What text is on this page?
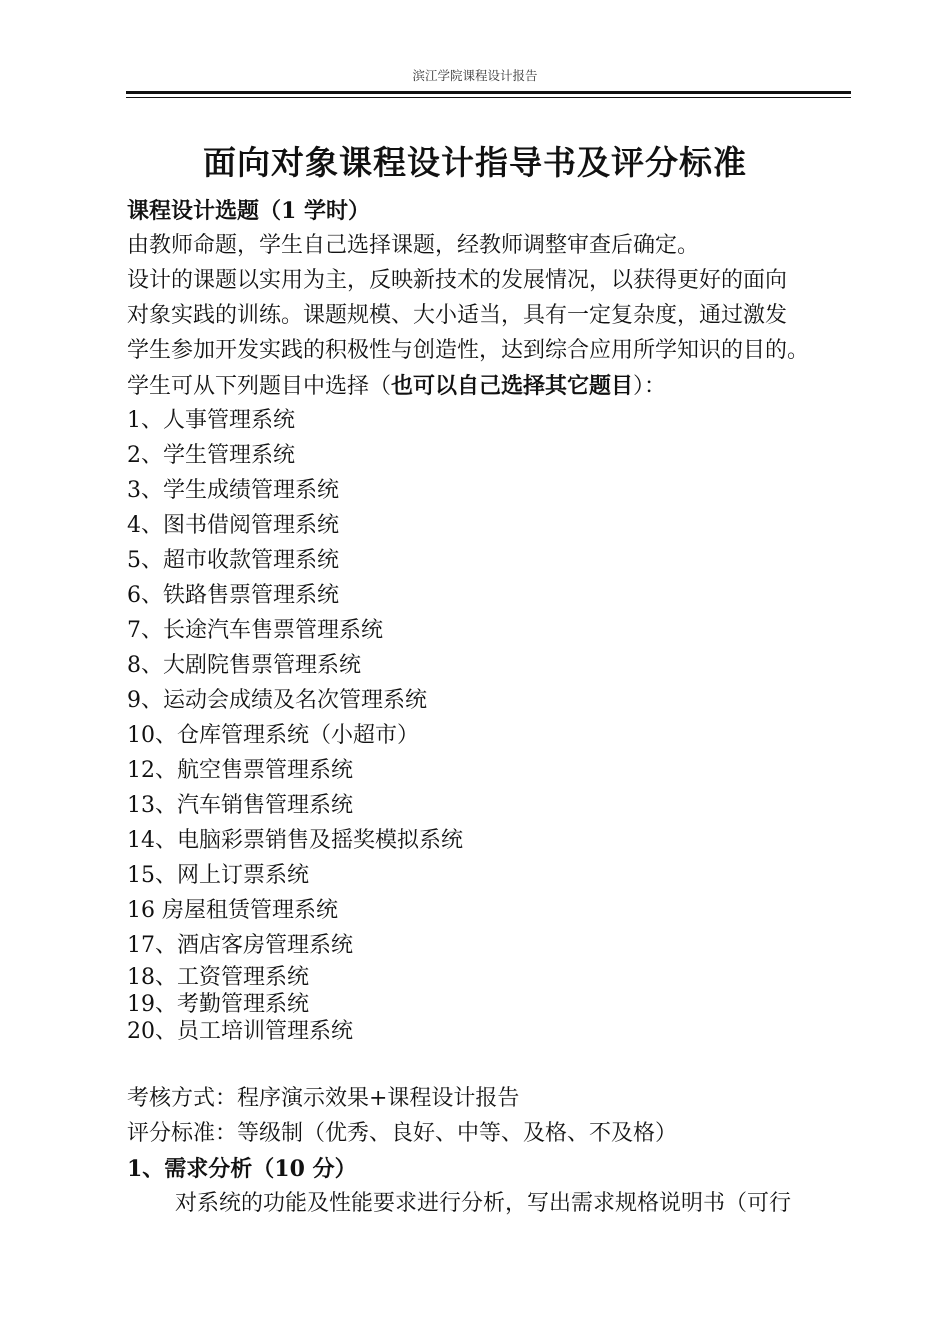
滨江学院课程设计报告
面向对象课程设计指导书及评分标准
课程设计选题（1 学时）
由教师命题，学生自己选择课题，经教师调整审查后确定。
设计的课题以实用为主，反映新技术的发展情况，以获得更好的面向
对象实践的训练。课题规模、大小适当，具有一定复杂度，通过激发
学生参加开发实践的积极性与创造性，达到综合应用所学知识的目的。
学生可从下列题目中选择（也可以自己选择其它题目）：
1、人事管理系统
2、学生管理系统
3、学生成绩管理系统
4、图书借阅管理系统
5、超市收款管理系统
6、铁路售票管理系统
7、长途汽车售票管理系统
8、大剧院售票管理系统
9、运动会成绩及名次管理系统
10、仓库管理系统（小超市）
12、航空售票管理系统
13、汽车销售管理系统
14、电脑彩票销售及摇奖模拟系统
15、网上订票系统
16 房屋租赁管理系统
17、酒店客房管理系统
18、工资管理系统
19、考勤管理系统
20、员工培训管理系统
考核方式：程序演示效果+课程设计报告
评分标准：等级制（优秀、良好、中等、及格、不及格）
1、需求分析（10 分）
对系统的功能及性能要求进行分析，写出需求规格说明书（可行
